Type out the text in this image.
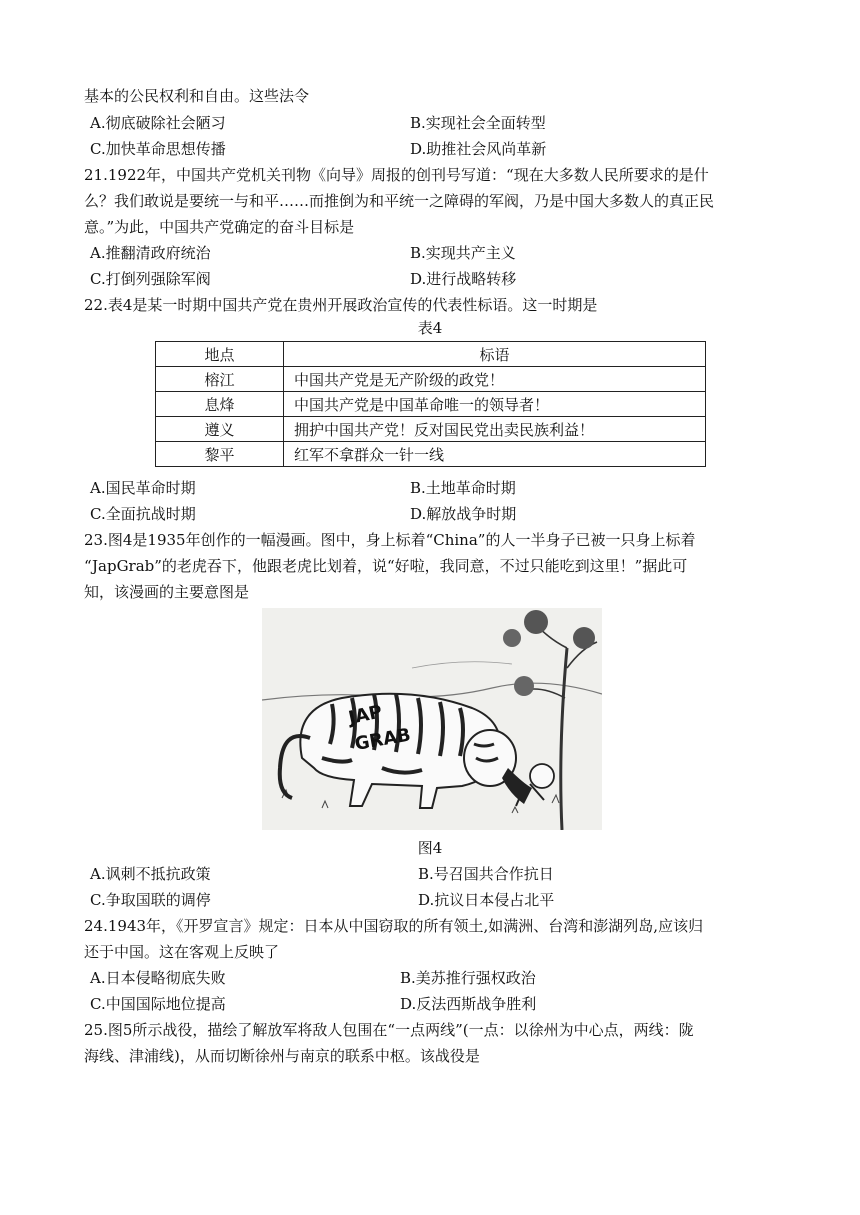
基本的公民权利和自由。这些法令
A.彻底破除社会陋习	B.实现社会全面转型
C.加快革命思想传播	D.助推社会风尚革新
21.1922年，中国共产党机关刊物《向导》周报的创刊号写道：“现在大多数人民所要求的是什
么？我们敢说是要统一与和平……而推倒为和平统一之障碍的军阀，乃是中国大多数人的真正民
意。”为此，中国共产党确定的奋斗目标是
A.推翻清政府统治	B.实现共产主义
C.打倒列强除军阀	D.进行战略转移
22.表4是某一时期中国共产党在贵州开展政治宣传的代表性标语。这一时期是
表4
地点	标语
榕江	中国共产党是无产阶级的政党！
息烽	中国共产党是中国革命唯一的领导者！
遵义	拥护中国共产党！反对国民党出卖民族利益！
黎平	红军不拿群众一针一线
A.国民革命时期	B.土地革命时期
C.全面抗战时期	D.解放战争时期
23.图4是1935年创作的一幅漫画。图中，身上标着“China”的人一半身子已被一只身上标着
“JapGrab”的老虎吞下，他跟老虎比划着，说“好啦，我同意，不过只能吃到这里！”据此可
知，该漫画的主要意图是
JAP
GRAB
图4
A.讽刺不抵抗政策	B.号召国共合作抗日
C.争取国联的调停	D.抗议日本侵占北平
24.1943年，《开罗宣言》规定：日本从中国窃取的所有领土,如满洲、台湾和澎湖列岛,应该归
还于中国。这在客观上反映了
A.日本侵略彻底失败	B.美苏推行强权政治
C.中国国际地位提高	D.反法西斯战争胜利
25.图5所示战役，描绘了解放军将敌人包围在“一点两线”(一点：以徐州为中心点，两线：陇
海线、津浦线)，从而切断徐州与南京的联系中枢。该战役是
